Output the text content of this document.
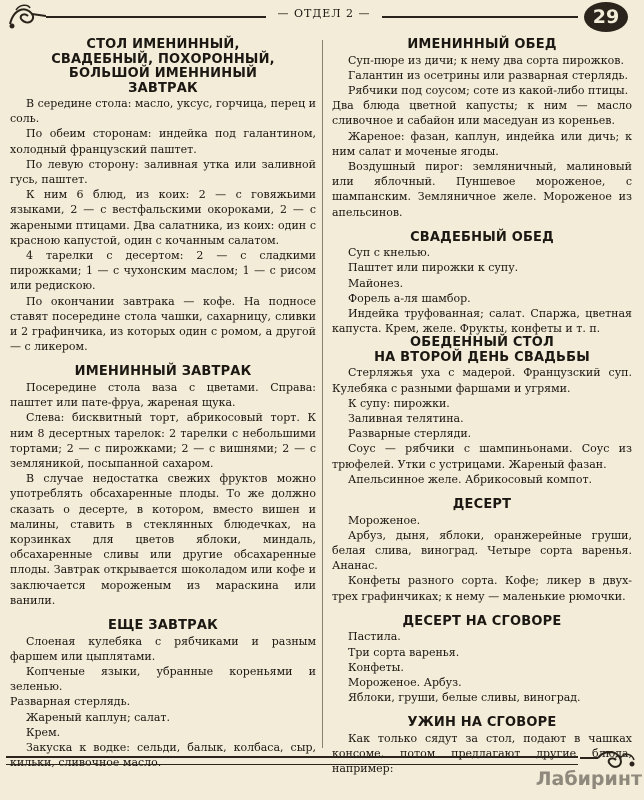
— ОТДЕЛ 2 —	29
СТОЛ ИМЕНИННЫЙ,
СВАДЕБНЫЙ, ПОХОРОННЫЙ,
БОЛЬШОЙ ИМЕННИНЫЙ
ЗАВТРАК

В середине стола: масло, уксус, горчица, перец и соль.

По обеим сторонам: индейка под галантином, холодный французский паштет.

По левую сторону: заливная утка или заливной гусь, паштет.

К ним 6 блюд, из коих: 2 — с говяжьими языками, 2 — с вестфальскими окороками, 2 — с жареными птицами. Два салатника, из коих: один с красною капустой, один с кочанным салатом.

4 тарелки с десертом: 2 — с сладкими пирожками; 1 — с чухонским маслом; 1 — с рисом или редискою.

По окончании завтрака — кофе. На подносе ставят посередине стола чашки, сахарницу, сливки и 2 графинчика, из которых один с ромом, а другой — с ликером.

ИМЕНИННЫЙ ЗАВТРАК

Посередине стола ваза с цветами. Справа: паштет или пате-фруа, жареная щука.

Слева: бисквитный торт, абрикосовый торт. К ним 8 десертных тарелок: 2 тарелки с небольшими тортами; 2 — с пирожками; 2 — с вишнями; 2 — с земляникой, посыпанной сахаром.

В случае недостатка свежих фруктов можно употреблять обсахаренные плоды. То же должно сказать о десерте, в котором, вместо вишен и малины, ставить в стеклянных блюдечках, на корзинках для цветов яблоки, миндаль, обсахаренные сливы или другие обсахаренные плоды. Завтрак открывается шоколадом или кофе и заключается мороженым из мараскина или ванили.

ЕЩЕ ЗАВТРАК

Слоеная кулебяка с рябчиками и разным фаршем или цыплятами.

Копченые языки, убранные кореньями и зеленью.

Разварная стерлядь.

Жареный каплун; салат.

Крем.

Закуска к водке: сельди, балык, колбаса, сыр, кильки, сливочное масло.

ИМЕНИННЫЙ ОБЕД

Суп-пюре из дичи; к нему два сорта пирожков.

Галантин из осетрины или разварная стерлядь.

Рябчики под соусом; соте из какой-либо птицы.

Два блюда цветной капусты; к ним — масло сливочное и сабайон или маседуан из кореньев.

Жареное: фазан, каплун, индейка или дичь; к ним салат и моченые ягоды.

Воздушный пирог: земляничный, малиновый или яблочный. Пуншевое мороженое, с шампанским. Земляничное желе. Мороженое из апельсинов.

СВАДЕБНЫЙ ОБЕД

Суп с кнелью.

Паштет или пирожки к супу.

Майонез.

Форель а-ля шамбор.

Индейка труфованная; салат. Спаржа, цветная капуста. Крем, желе. Фрукты, конфеты и т. п.

ОБЕДЕННЫЙ СТОЛ
НА ВТОРОЙ ДЕНЬ СВАДЬБЫ

Стерляжья уха с мадерой. Французский суп. Кулебяка с разными фаршами и угрями.

К супу: пирожки.

Заливная телятина.

Разварные стерляди.

Соус — рябчики с шампиньонами. Соус из трюфелей. Утки с устрицами. Жареный фазан.

Апельсинное желе. Абрикосовый компот.

ДЕСЕРТ

Мороженое.

Арбуз, дыня, яблоки, оранжерейные груши, белая слива, виноград. Четыре сорта варенья. Ананас.

Конфеты разного сорта. Кофе; ликер в двух-трех графинчиках; к нему — маленькие рюмочки.

ДЕСЕРТ НА СГОВОРЕ

Пастила.

Три сорта варенья.

Конфеты.

Мороженое. Арбуз.

Яблоки, груши, белые сливы, виноград.

УЖИН НА СГОВОРЕ

Как только сядут за стол, подают в чашках консоме, потом предлагают другие блюда, например:	Лабиринт
